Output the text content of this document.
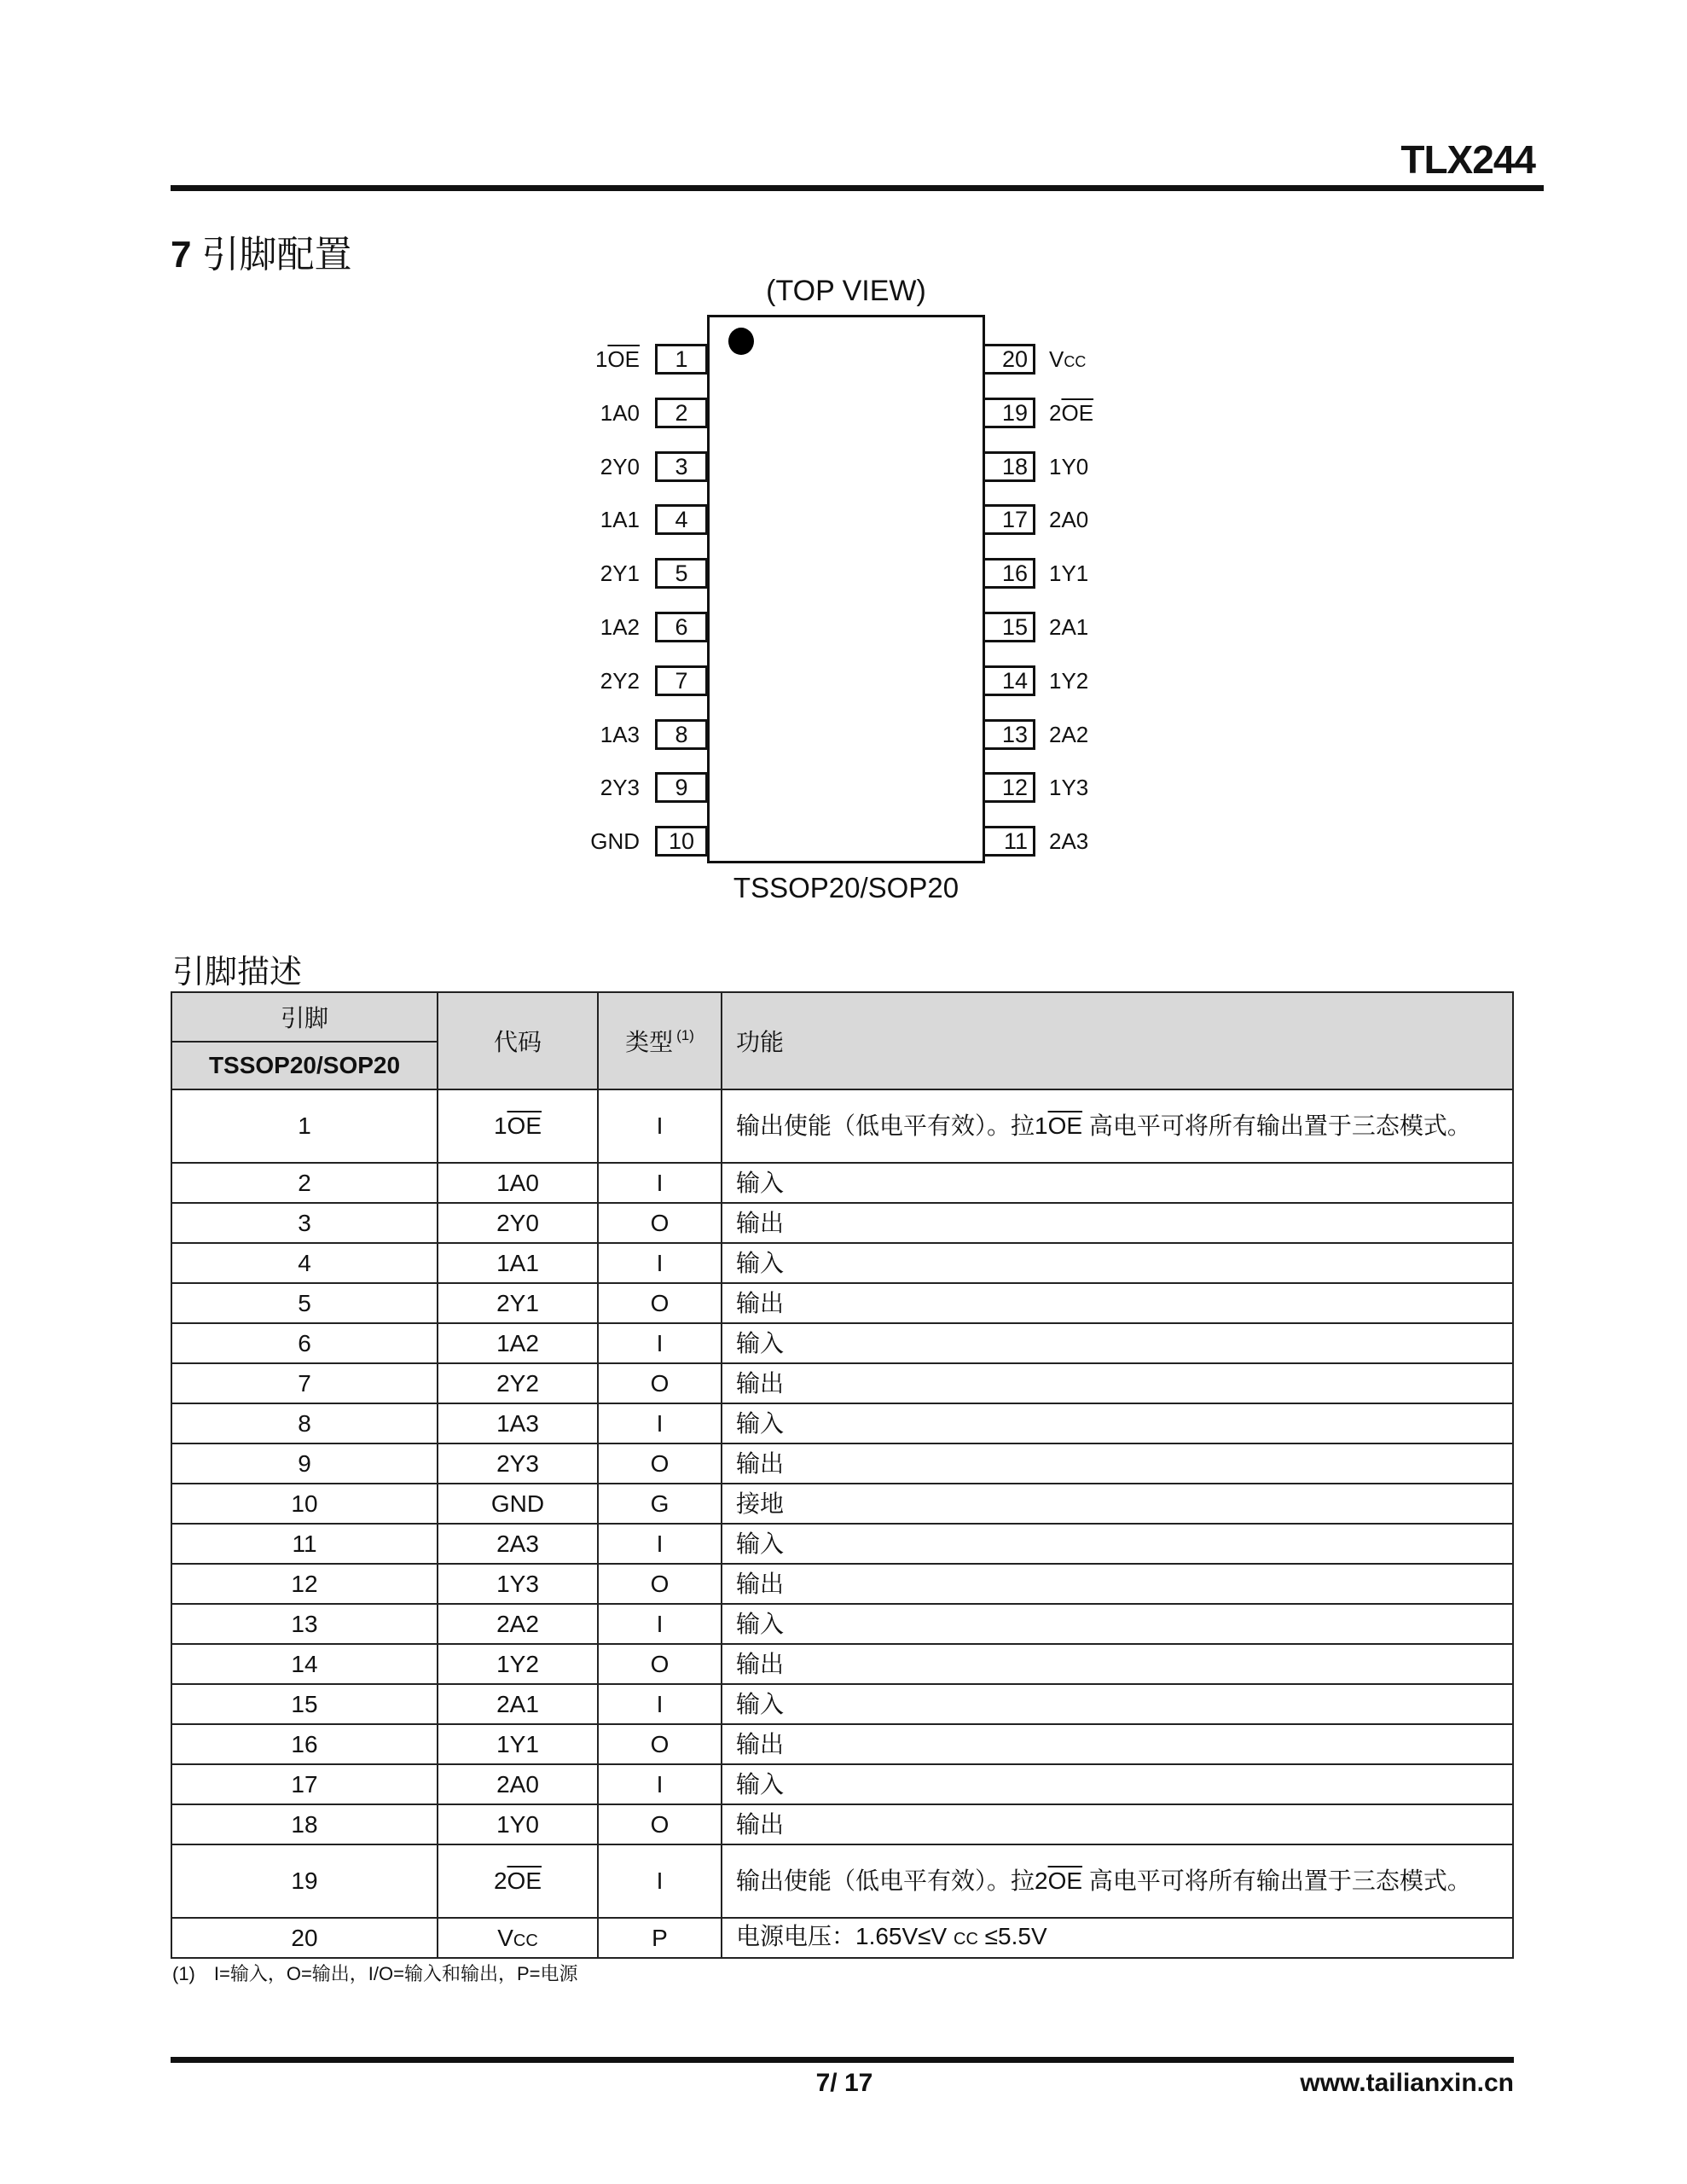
TLX244
7 引脚配置
(TOP VIEW)
1
$1\overline{OE}$
2
1A0
3
2Y0
4
1A1
5
2Y1
6
1A2
7
2Y2
8
1A3
9
2Y3
10
GND
20 VCC
19 $2\overline{OE}$
18 1Y0
17 2A0
16 1Y1
15 2A1
14 1Y2
13 2A2
12 1Y3
11 2A3
TSSOP20/SOP20
引脚描述
引脚	代码	类型 $^{(1)}$	功能
TSSOP20/SOP20			
1	$1\overline{OE}$	I	输出使能（低电平有效）。拉$1\overline{OE}$ 高电平可将所有输出置于三态模式。
2	1A0	I	输入
3	2Y0	O	输出
4	1A1	I	输入
5	2Y1	O	输出
6	1A2	I	输入
7	2Y2	O	输出
8	1A3	I	输入
9	2Y3	O	输出
10	GND	G	接地
11	2A3	I	输入
12	1Y3	O	输出
13	2A2	I	输入
14	1Y2	O	输出
15	2A1	I	输入
16	1Y1	O	输出
17	2A0	I	输入
18	1Y0	O	输出
19	$2\overline{OE}$	I	输出使能（低电平有效）。拉$2\overline{OE}$ 高电平可将所有输出置于三态模式。
20	VCC	P	电源电压：1.65V≤V CC ≤5.5V
(1) I=输入，O=输出，I/O=输入和输出，P=电源
7/ 17	www.tailianxin.cn
